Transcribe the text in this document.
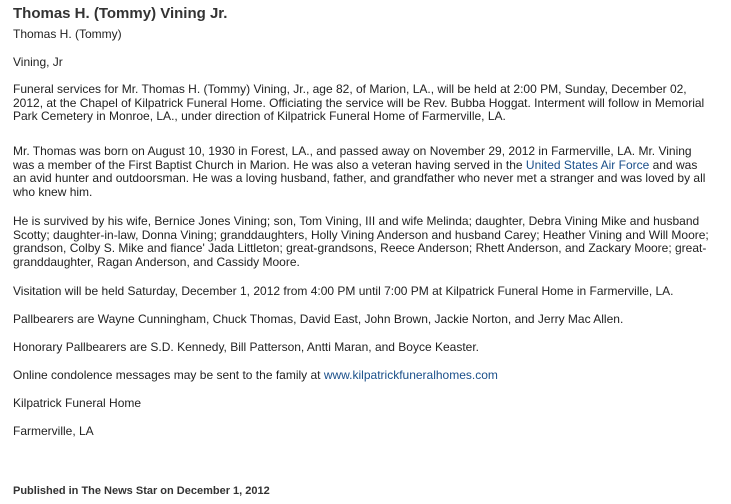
Thomas H. (Tommy) Vining Jr.
Thomas H. (Tommy)

Vining, Jr

Funeral services for Mr. Thomas H. (Tommy) Vining, Jr., age 82, of Marion, LA., will be held at 2:00 PM, Sunday, December 02, 2012, at the Chapel of Kilpatrick Funeral Home. Officiating the service will be Rev. Bubba Hoggat. Interment will follow in Memorial Park Cemetery in Monroe, LA., under direction of Kilpatrick Funeral Home of Farmerville, LA.

Mr. Thomas was born on August 10, 1930 in Forest, LA., and passed away on November 29, 2012 in Farmerville, LA. Mr. Vining was a member of the First Baptist Church in Marion. He was also a veteran having served in the United States Air Force and was an avid hunter and outdoorsman. He was a loving husband, father, and grandfather who never met a stranger and was loved by all who knew him.

He is survived by his wife, Bernice Jones Vining; son, Tom Vining, III and wife Melinda; daughter, Debra Vining Mike and husband Scotty; daughter-in-law, Donna Vining; granddaughters, Holly Vining Anderson and husband Carey; Heather Vining and Will Moore; grandson, Colby S. Mike and fiance' Jada Littleton; great-grandsons, Reece Anderson; Rhett Anderson, and Zackary Moore; great- granddaughter, Ragan Anderson, and Cassidy Moore.

Visitation will be held Saturday, December 1, 2012 from 4:00 PM until 7:00 PM at Kilpatrick Funeral Home in Farmerville, LA.

Pallbearers are Wayne Cunningham, Chuck Thomas, David East, John Brown, Jackie Norton, and Jerry Mac Allen.

Honorary Pallbearers are S.D. Kennedy, Bill Patterson, Antti Maran, and Boyce Keaster.

Online condolence messages may be sent to the family at www.kilpatrickfuneralhomes.com

Kilpatrick Funeral Home

Farmerville, LA

Published in The News Star on December 1, 2012
